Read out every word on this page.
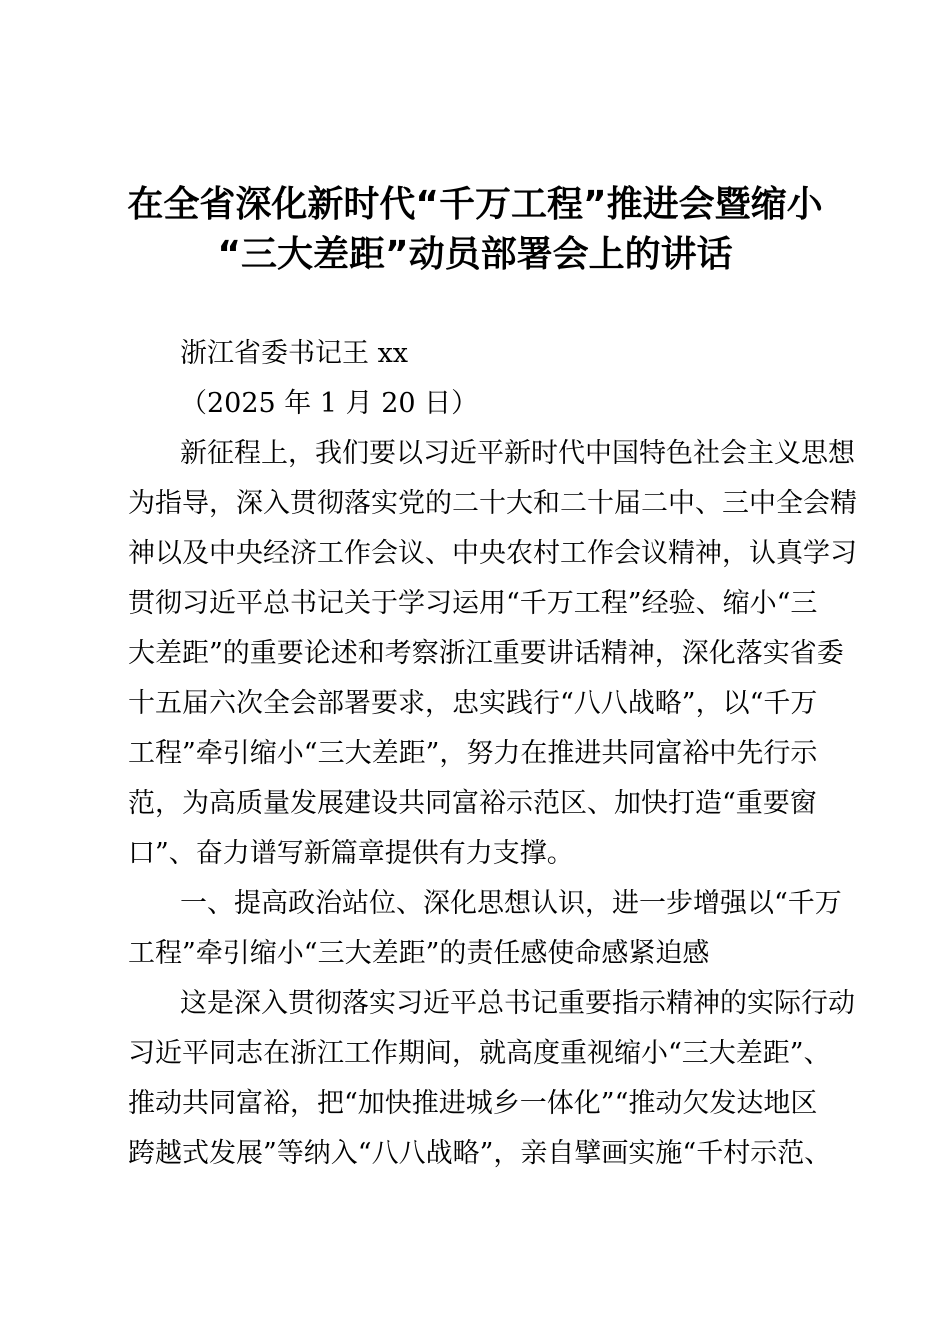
在全省深化新时代“千万工程”推进会暨缩小
“三大差距”动员部署会上的讲话

浙江省委书记王 xx

（2025 年 1 月 20 日）

新征程上，我们要以习近平新时代中国特色社会主义思想

为指导，深入贯彻落实党的二十大和二十届二中、三中全会精

神以及中央经济工作会议、中央农村工作会议精神，认真学习

贯彻习近平总书记关于学习运用“千万工程”经验、缩小“三

大差距”的重要论述和考察浙江重要讲话精神，深化落实省委

十五届六次全会部署要求，忠实践行“八八战略”，以“千万

工程”牵引缩小“三大差距”，努力在推进共同富裕中先行示

范，为高质量发展建设共同富裕示范区、加快打造“重要窗

口”、奋力谱写新篇章提供有力支撑。

一、提高政治站位、深化思想认识，进一步增强以“千万

工程”牵引缩小“三大差距”的责任感使命感紧迫感

这是深入贯彻落实习近平总书记重要指示精神的实际行动

习近平同志在浙江工作期间，就高度重视缩小“三大差距”、

推动共同富裕，把“加快推进城乡一体化”“推动欠发达地区

跨越式发展”等纳入“八八战略”，亲自擘画实施“千村示范、
